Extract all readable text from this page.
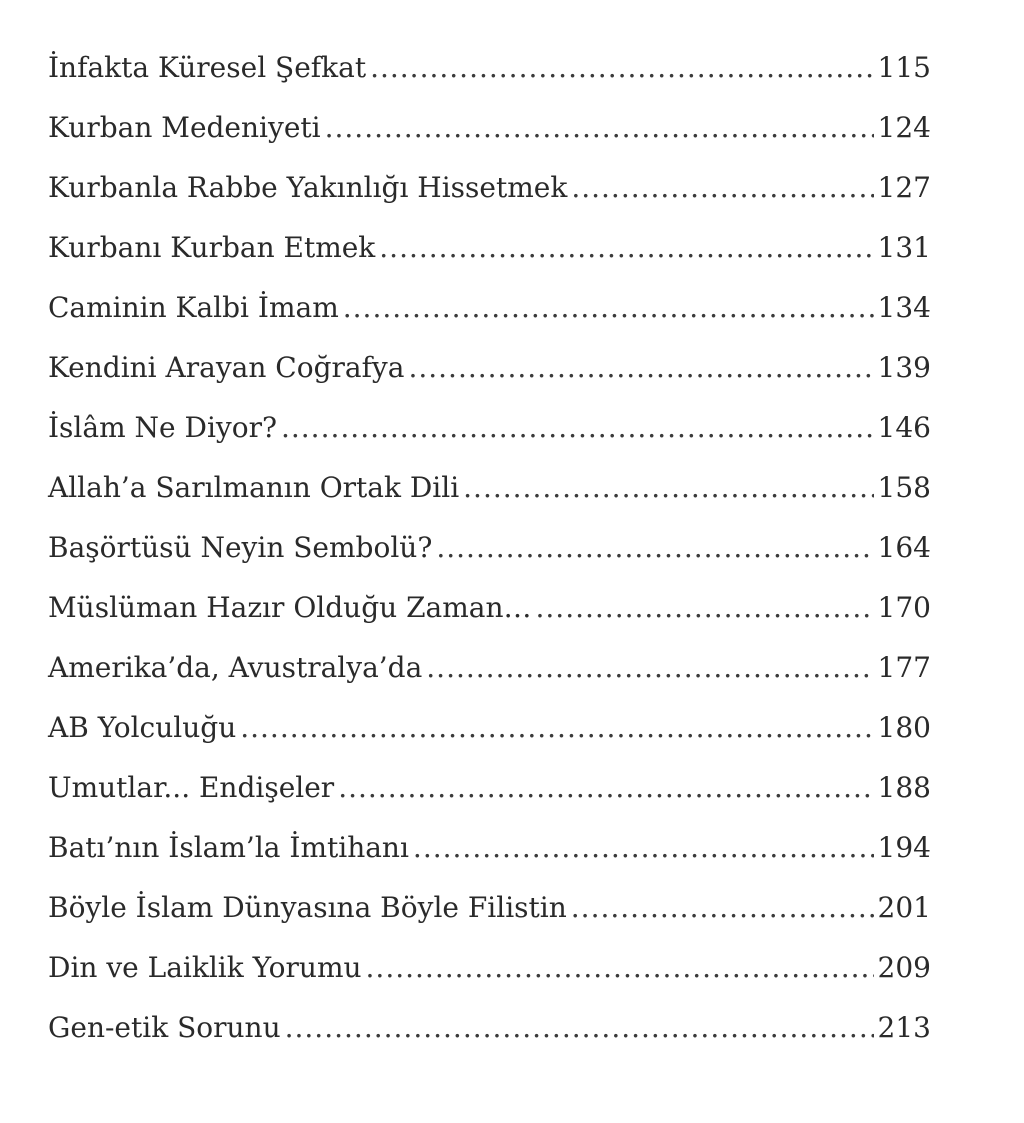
İnfakta Küresel Şefkat .....	115
Kurban Medeniyeti .....	124
Kurbanla Rabbe Yakınlığı Hissetmek .....	127
Kurbanı Kurban Etmek .....	131
Caminin Kalbi İmam .....	134
Kendini Arayan Coğrafya .....	139
İslâm Ne Diyor? .....	146
Allah’a Sarılmanın Ortak Dili .....	158
Başörtüsü Neyin Sembolü? .....	164
Müslüman Hazır Olduğu Zaman… .....	170
Amerika’da, Avustralya’da .....	177
AB Yolculuğu .....	180
Umutlar... Endişeler .....	188
Batı’nın İslam’la İmtihanı .....	194
Böyle İslam Dünyasına Böyle Filistin .....	201
Din ve Laiklik Yorumu .....	209
Gen-etik Sorunu .....	213
